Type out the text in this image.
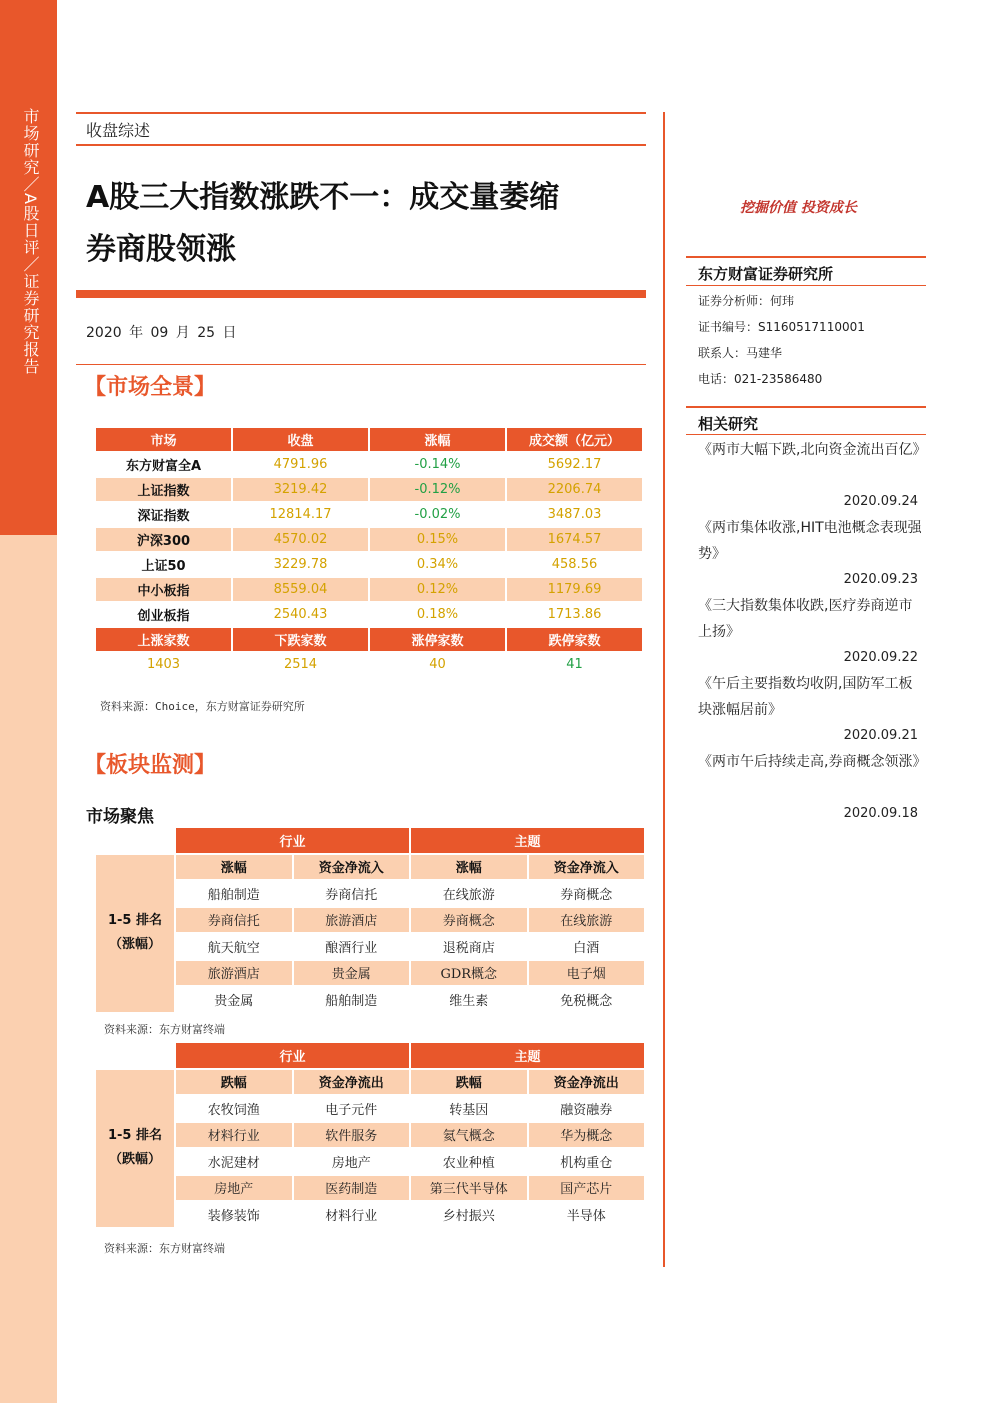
市场研究／A股日评／证券研究报告	收盘综述
A股三大指数涨跌不一：成交量萎缩
券商股领涨
2020 年 09 月 25 日
【市场全景】
市场	收盘	涨幅	成交额（亿元）
东方财富全A	4791.96	-0.14%	5692.17
上证指数	3219.42	-0.12%	2206.74
深证指数	12814.17	-0.02%	3487.03
沪深300	4570.02	0.15%	1674.57
上证50	3229.78	0.34%	458.56
中小板指	8559.04	0.12%	1179.69
创业板指	2540.43	0.18%	1713.86
上涨家数	下跌家数	涨停家数	跌停家数
1403	2514	40	41
资料来源：Choice，东方财富证券研究所
【板块监测】
市场聚焦
	行业		主题	

1-5 排名
（涨幅）	涨幅	资金净流入	涨幅	资金净流入
	船舶制造	券商信托	在线旅游	券商概念
	券商信托	旅游酒店	券商概念	在线旅游
	航天航空	酿酒行业	退税商店	白酒
	旅游酒店	贵金属	GDR概念	电子烟
	贵金属	船舶制造	维生素	免税概念
资料来源：东方财富终端
	行业		主题	

1-5 排名
（跌幅）	跌幅	资金净流出	跌幅	资金净流出
	农牧饲渔	电子元件	转基因	融资融券
	材料行业	软件服务	氦气概念	华为概念
	水泥建材	房地产	农业种植	机构重仓
	房地产	医药制造	第三代半导体	国产芯片
	装修装饰	材料行业	乡村振兴	半导体
资料来源：东方财富终端
挖掘价值 投资成长
东方财富证券研究所
证券分析师：何玮
证书编号：S1160517110001
联系人：马建华
电话：021-23586480
相关研究
《两市大幅下跌,北向资金流出百亿》
2020.09.24
《两市集体收涨,HIT电池概念表现强势》
2020.09.23
《三大指数集体收跌,医疗券商逆市上扬》
2020.09.22
《午后主要指数均收阴,国防军工板块涨幅居前》
2020.09.21
《两市午后持续走高,券商概念领涨》
2020.09.18
